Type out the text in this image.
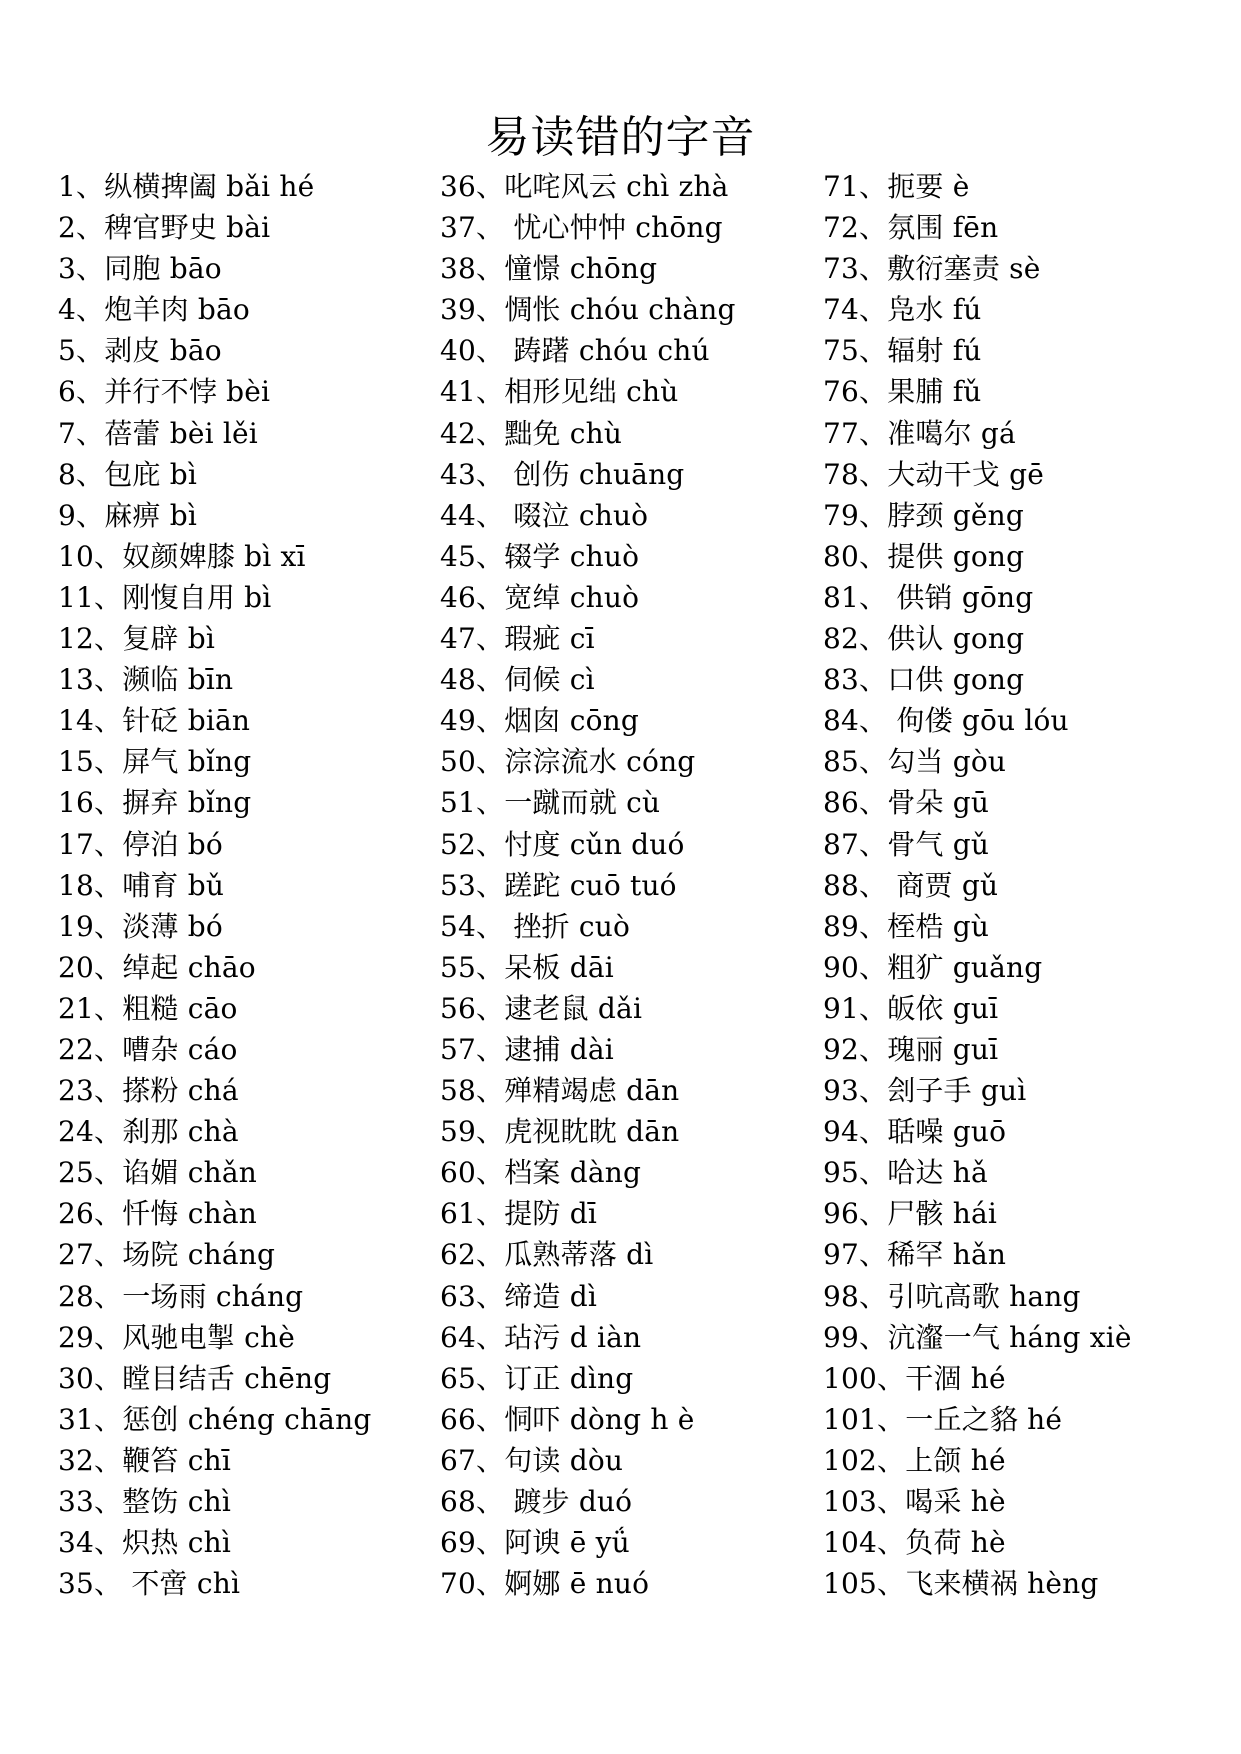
易读错的字音
1、纵横捭阖 bǎi hé
2、稗官野史 bài
3、同胞 bāo
4、炮羊肉 bāo
5、剥皮 bāo
6、并行不悖 bèi
7、蓓蕾 bèi lěi
8、包庇 bì
9、麻痹 bì
10、奴颜婢膝 bì xī
11、刚愎自用 bì
12、复辟 bì
13、濒临 bīn
14、针砭 biān
15、屏气 bǐng
16、摒弃 bǐng
17、停泊 bó
18、哺育 bǔ
19、淡薄 bó
20、绰起 chāo
21、粗糙 cāo
22、嘈杂 cáo
23、搽粉 chá
24、刹那 chà
25、谄媚 chǎn
26、忏悔 chàn
27、场院 cháng
28、一场雨 cháng
29、风驰电掣 chè
30、瞠目结舌 chēng
31、惩创 chéng chāng
32、鞭笞 chī
33、整饬 chì
34、炽热 chì
35、 不啻 chì
36、叱咤风云 chì zhà
37、 忧心忡忡 chōng
38、憧憬 chōng
39、惆怅 chóu chàng
40、 踌躇 chóu chú
41、相形见绌 chù
42、黜免 chù
43、 创伤 chuāng
44、 啜泣 chuò
45、辍学 chuò
46、宽绰 chuò
47、瑕疵 cī
48、伺候 cì
49、烟囱 cōng
50、淙淙流水 cóng
51、一蹴而就 cù
52、忖度 cǔn duó
53、蹉跎 cuō tuó
54、 挫折 cuò
55、呆板 dāi
56、逮老鼠 dǎi
57、逮捕 dài
58、殚精竭虑 dān
59、虎视眈眈 dān
60、档案 dàng
61、提防 dī
62、瓜熟蒂落 dì
63、缔造 dì
64、玷污 d iàn
65、订正 dìng
66、恫吓 dòng h è
67、句读 dòu
68、 踱步 duó
69、阿谀 ē yǘ
70、婀娜 ē nuó
71、扼要 è
72、氛围 fēn
73、敷衍塞责 sè
74、凫水 fú
75、辐射 fú
76、果脯 fǔ
77、准噶尔 gá
78、大动干戈 gē
79、脖颈 gěng
80、提供 gong
81、 供销 gōng
82、供认 gong
83、口供 gong
84、 佝偻 gōu lóu
85、勾当 gòu
86、骨朵 gū
87、骨气 gǔ
88、 商贾 gǔ
89、桎梏 gù
90、粗犷 guǎng
91、皈依 guī
92、瑰丽 guī
93、刽子手 guì
94、聒噪 guō
95、哈达 hǎ
96、尸骸 hái
97、稀罕 hǎn
98、引吭高歌 hang
99、沆瀣一气 háng xiè
100、干涸 hé
101、一丘之貉 hé
102、上颌 hé
103、喝采 hè
104、负荷 hè
105、飞来横祸 hèng
